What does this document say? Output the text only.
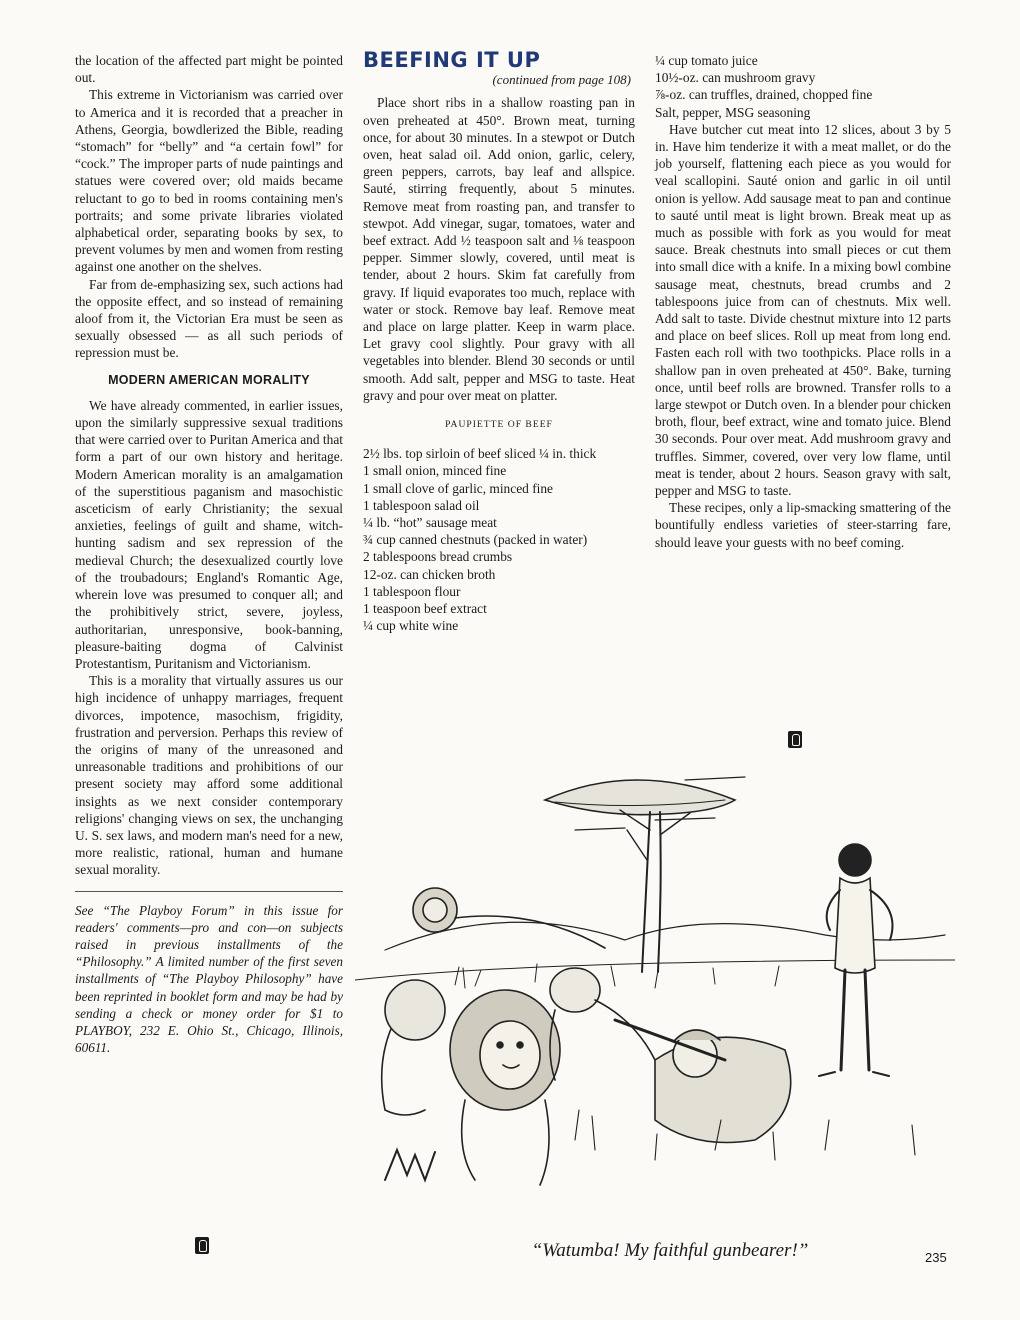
the location of the affected part might be pointed out.

This extreme in Victorianism was carried over to America and it is recorded that a preacher in Athens, Georgia, bowdlerized the Bible, reading “stomach” for “belly” and “a certain fowl” for “cock.” The improper parts of nude paintings and statues were covered over; old maids became reluctant to go to bed in rooms containing men's portraits; and some private libraries violated alphabetical order, separating books by sex, to prevent volumes by men and women from resting against one another on the shelves.

Far from de-emphasizing sex, such actions had the opposite effect, and so instead of remaining aloof from it, the Victorian Era must be seen as sexually obsessed — as all such periods of repression must be.

MODERN AMERICAN MORALITY

We have already commented, in earlier issues, upon the similarly suppressive sexual traditions that were carried over to Puritan America and that form a part of our own history and heritage. Modern American morality is an amalgamation of the superstitious paganism and masochistic asceticism of early Christianity; the sexual anxieties, feelings of guilt and shame, witch-hunting sadism and sex repression of the medieval Church; the desexualized courtly love of the troubadours; England's Romantic Age, wherein love was presumed to conquer all; and the prohibitively strict, severe, joyless, authoritarian, unresponsive, book-banning, pleasure-baiting dogma of Calvinist Protestantism, Puritanism and Victorianism.

This is a morality that virtually assures us our high incidence of unhappy marriages, frequent divorces, impotence, masochism, frigidity, frustration and perversion. Perhaps this review of the origins of many of the unreasoned and unreasonable traditions and prohibitions of our present society may afford some additional insights as we next consider contemporary religions' changing views on sex, the unchanging U. S. sex laws, and modern man's need for a new, more realistic, rational, human and humane sexual morality.

See “The Playboy Forum” in this issue for readers' comments—pro and con—on subjects raised in previous installments of the “Philosophy.” A limited number of the first seven installments of “The Playboy Philosophy” have been reprinted in booklet form and may be had by sending a check or money order for $1 to PLAYBOY, 232 E. Ohio St., Chicago, Illinois, 60611.

BEEFING IT UP
(continued from page 108)

Place short ribs in a shallow roasting pan in oven preheated at 450°. Brown meat, turning once, for about 30 minutes. In a stewpot or Dutch oven, heat salad oil. Add onion, garlic, celery, green peppers, carrots, bay leaf and allspice. Sauté, stirring frequently, about 5 minutes. Remove meat from roasting pan, and transfer to stewpot. Add vinegar, sugar, tomatoes, water and beef extract. Add ½ teaspoon salt and ⅛ teaspoon pepper. Simmer slowly, covered, until meat is tender, about 2 hours. Skim fat carefully from gravy. If liquid evaporates too much, replace with water or stock. Remove bay leaf. Remove meat and place on large platter. Keep in warm place. Let gravy cool slightly. Pour gravy with all vegetables into blender. Blend 30 seconds or until smooth. Add salt, pepper and MSG to taste. Heat gravy and pour over meat on platter.

PAUPIETTE OF BEEF
2½ lbs. top sirloin of beef sliced ¼ in. thick
1 small onion, minced fine
1 small clove of garlic, minced fine
1 tablespoon salad oil
¼ lb. “hot” sausage meat
¾ cup canned chestnuts (packed in water)
2 tablespoons bread crumbs
12-oz. can chicken broth
1 tablespoon flour
1 teaspoon beef extract
¼ cup white wine
¼ cup tomato juice
10½-oz. can mushroom gravy
⅞-oz. can truffles, drained, chopped fine
Salt, pepper, MSG seasoning

Have butcher cut meat into 12 slices, about 3 by 5 in. Have him tenderize it with a meat mallet, or do the job yourself, flattening each piece as you would for veal scallopini. Sauté onion and garlic in oil until onion is yellow. Add sausage meat to pan and continue to sauté until meat is light brown. Break meat up as much as possible with fork as you would for meat sauce. Break chestnuts into small pieces or cut them into small dice with a knife. In a mixing bowl combine sausage meat, chestnuts, bread crumbs and 2 tablespoons juice from can of chestnuts. Mix well. Add salt to taste. Divide chestnut mixture into 12 parts and place on beef slices. Roll up meat from long end. Fasten each roll with two toothpicks. Place rolls in a shallow pan in oven preheated at 450°. Bake, turning once, until beef rolls are browned. Transfer rolls to a large stewpot or Dutch oven. In a blender pour chicken broth, flour, beef extract, wine and tomato juice. Blend 30 seconds. Pour over meat. Add mushroom gravy and truffles. Simmer, covered, over very low flame, until meat is tender, about 2 hours. Season gravy with salt, pepper and MSG to taste.

These recipes, only a lip-smacking smattering of the bountifully endless varieties of steer-starring fare, should leave your guests with no beef coming.

“Watumba! My faithful gunbearer!”	235
